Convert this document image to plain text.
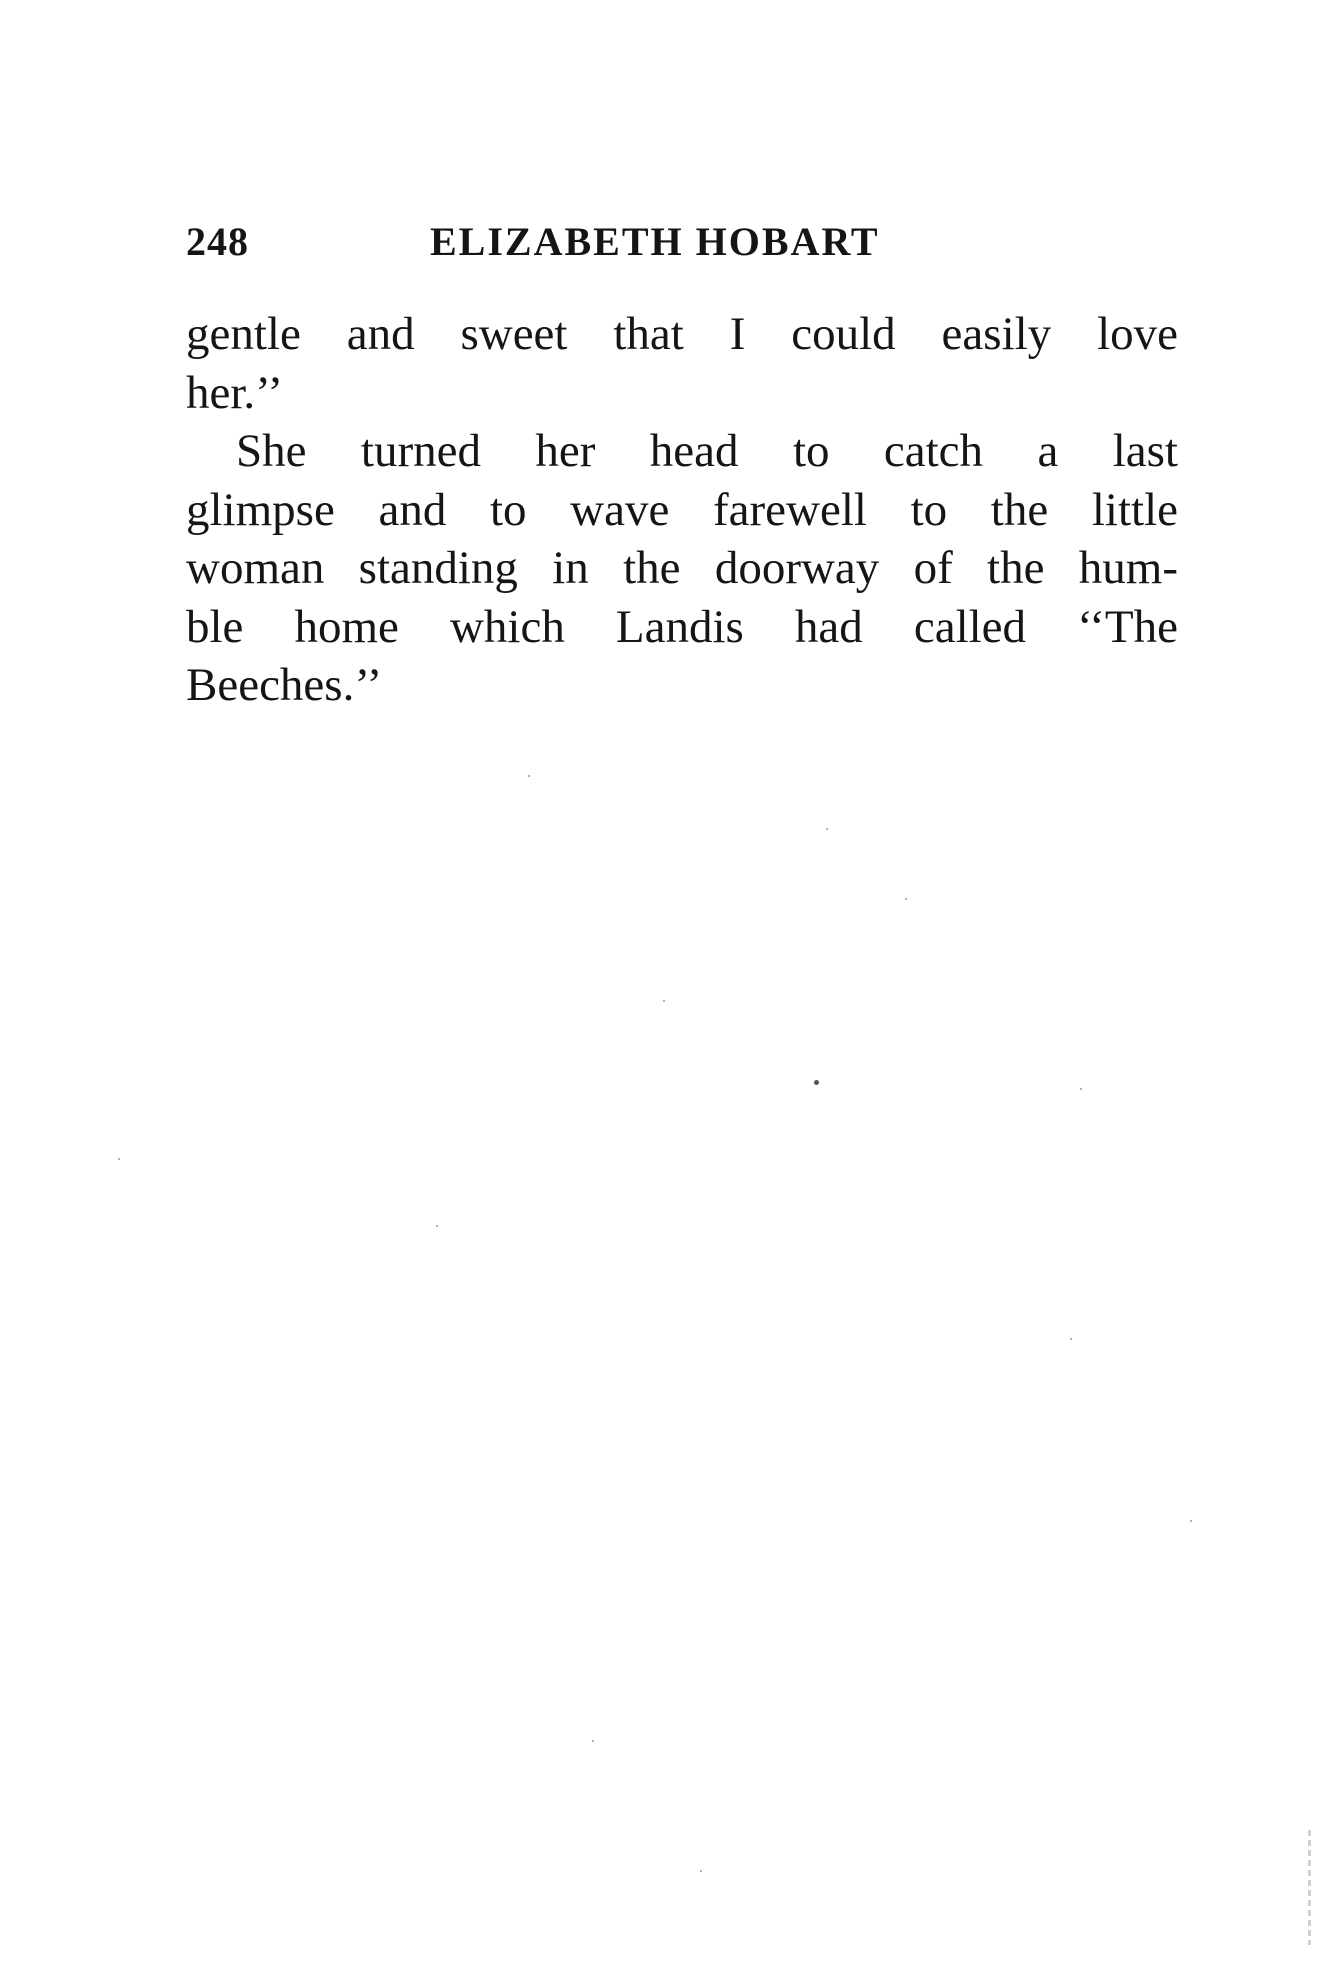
248	ELIZABETH HOBART
gentle and sweet that I could easily love
her.’’
She turned her head to catch a last
glimpse and to wave farewell to the little
woman standing in the doorway of the hum-
ble home which Landis had called ‘‘The
Beeches.’’
